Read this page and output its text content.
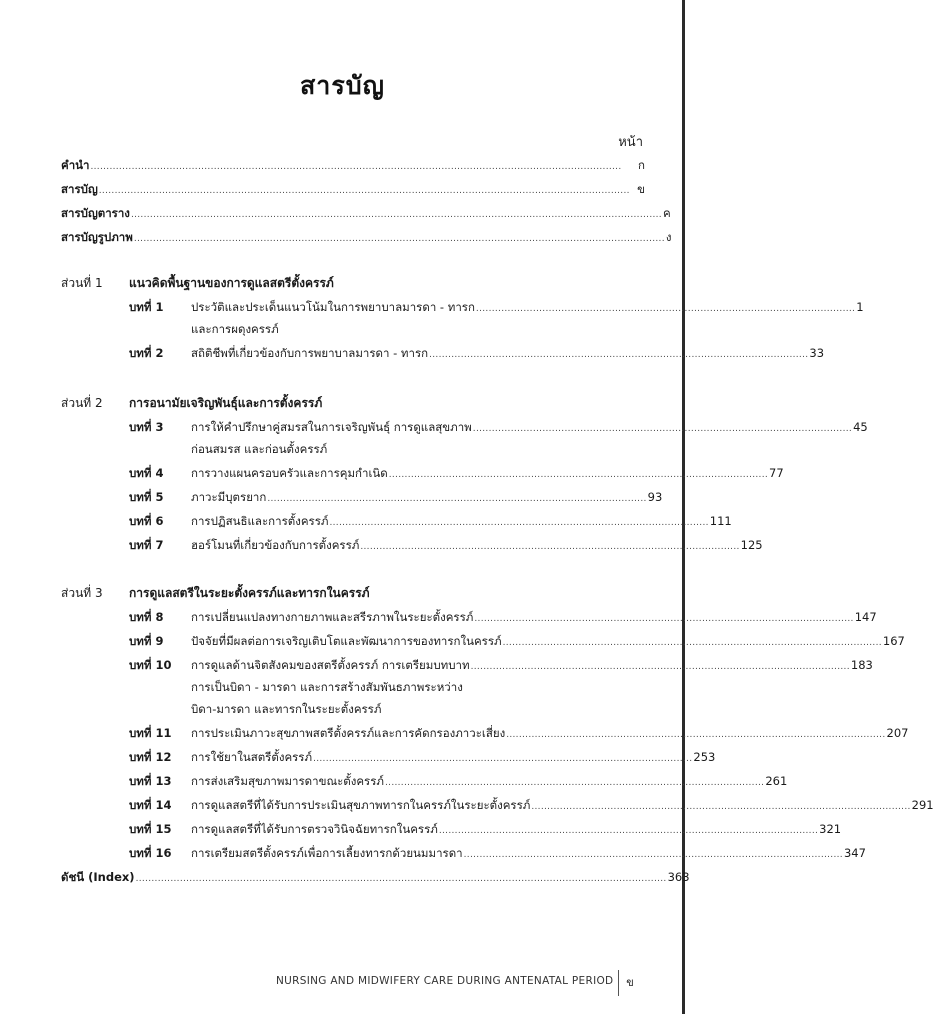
สารบัญ
หน้า
คำนำ ........................................................................................................................................................................	ก
สารบัญ ........................................................................................................................................................................ ข
สารบัญตาราง ........................................................................................................................................................................ ค
สารบัญรูปภาพ ........................................................................................................................................................................ ง
ส่วนที่ 1 แนวคิดพื้นฐานของการดูแลสตรีตั้งครรภ์
บทที่ 1	ประวัติและประเด็นแนวโน้มในการพยาบาลมารดา - ทารก ........................................................................................................................ 1
และการผดุงครรภ์
บทที่ 2	สถิติชีพที่เกี่ยวข้องกับการพยาบาลมารดา - ทารก ........................................................................................................................ 33
ส่วนที่ 2 การอนามัยเจริญพันธุ์และการตั้งครรภ์
บทที่ 3	การให้คำปรึกษาคู่สมรสในการเจริญพันธุ์ การดูแลสุขภาพ ........................................................................................................................ 45
ก่อนสมรส และก่อนตั้งครรภ์
บทที่ 4	การวางแผนครอบครัวและการคุมกำเนิด ........................................................................................................................ 77
บทที่ 5	ภาวะมีบุตรยาก ........................................................................................................................ 93
บทที่ 6	การปฏิสนธิและการตั้งครรภ์ ........................................................................................................................ 111
บทที่ 7	ฮอร์โมนที่เกี่ยวข้องกับการตั้งครรภ์ ........................................................................................................................ 125
ส่วนที่ 3 การดูแลสตรีในระยะตั้งครรภ์และทารกในครรภ์
บทที่ 8	การเปลี่ยนแปลงทางกายภาพและสรีรภาพในระยะตั้งครรภ์ ........................................................................................................................ 147
บทที่ 9	ปัจจัยที่มีผลต่อการเจริญเติบโตและพัฒนาการของทารกในครรภ์ ........................................................................................................................ 167
บทที่ 10	การดูแลด้านจิตสังคมของสตรีตั้งครรภ์ การเตรียมบทบาท ........................................................................................................................ 183
การเป็นบิดา - มารดา และการสร้างสัมพันธภาพระหว่าง
บิดา-มารดา และทารกในระยะตั้งครรภ์
บทที่ 11	การประเมินภาวะสุขภาพสตรีตั้งครรภ์และการคัดกรองภาวะเสี่ยง ........................................................................................................................ 207
บทที่ 12	การใช้ยาในสตรีตั้งครรภ์ ........................................................................................................................ 253
บทที่ 13	การส่งเสริมสุขภาพมารดาขณะตั้งครรภ์ ........................................................................................................................ 261
บทที่ 14	การดูแลสตรีที่ได้รับการประเมินสุขภาพทารกในครรภ์ในระยะตั้งครรภ์ ........................................................................................................................ 291
บทที่ 15	การดูแลสตรีที่ได้รับการตรวจวินิจฉัยทารกในครรภ์ ........................................................................................................................ 321
บทที่ 16	การเตรียมสตรีตั้งครรภ์เพื่อการเลี้ยงทารกด้วยนมมารดา ........................................................................................................................ 347
ดัชนี (Index) ........................................................................................................................................................................ 363
NURSING AND MIDWIFERY CARE DURING ANTENATAL PERIOD	ข
